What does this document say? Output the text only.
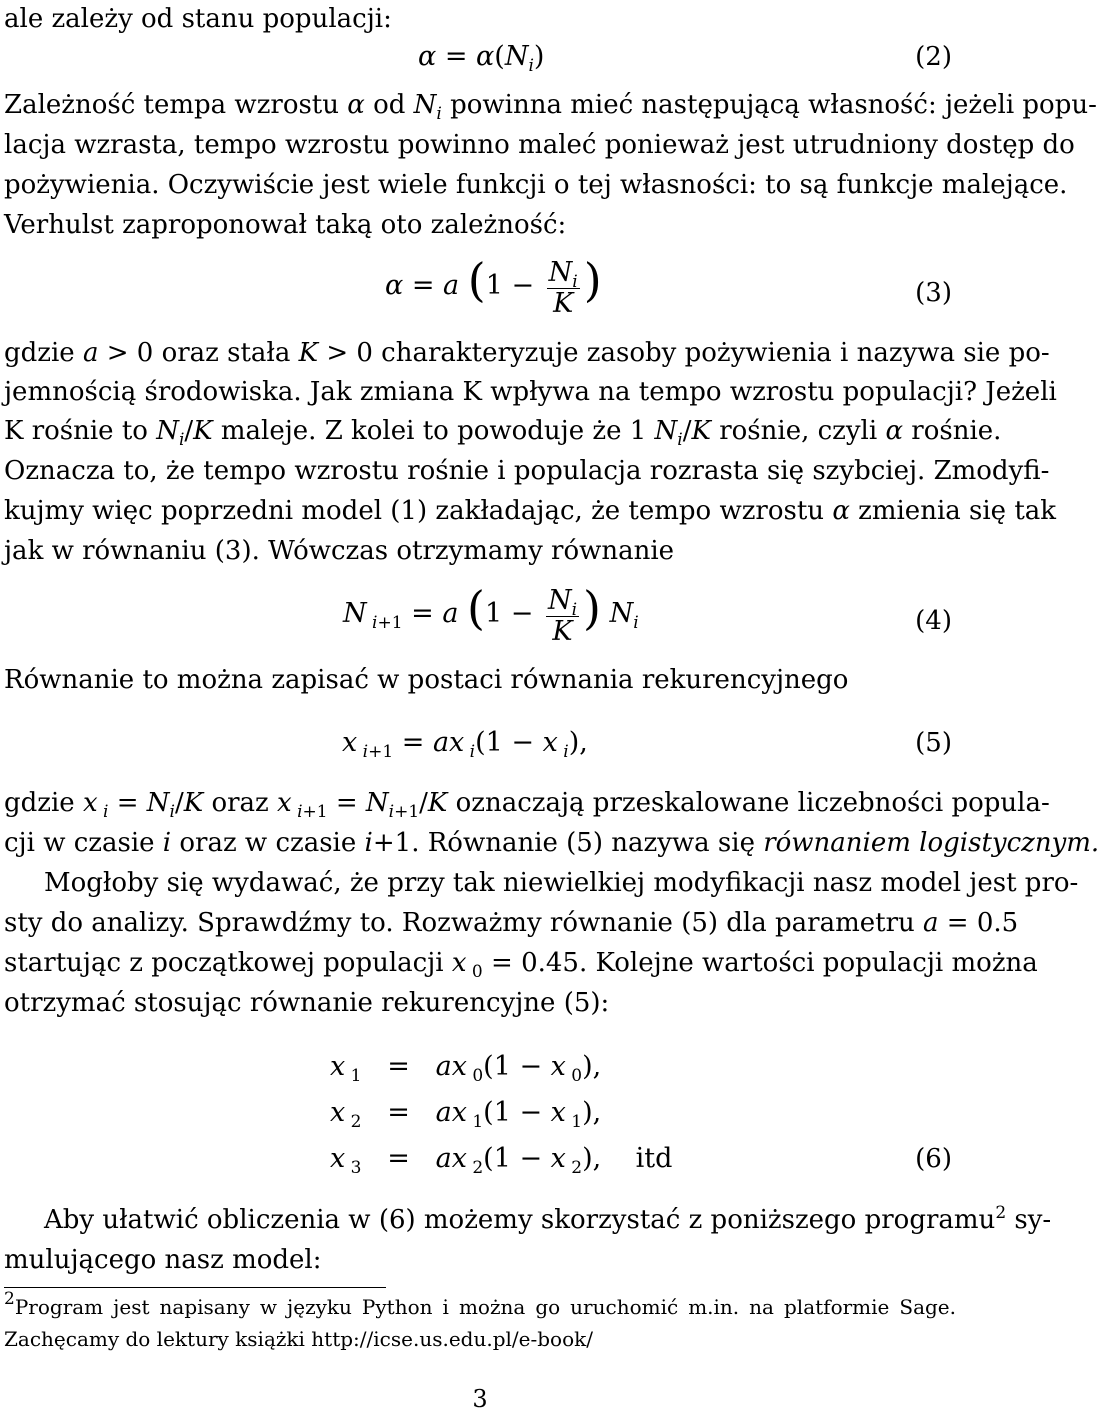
ale zależy od stanu populacji:
$\alpha = \alpha(N_i)$	(2)
Zależność tempa wzrostu α od $N_i$ powinna mieć następującą własność: jeżeli popu-
lacja wzrasta, tempo wzrostu powinno maleć ponieważ jest utrudniony dostęp do
pożywienia. Oczywiście jest wiele funkcji o tej własności: to są funkcje malejące.
Verhulst zaproponował taką oto zależność:
α = a ($1 - \frac{N_i}{K}$ )	(3)
gdzie a > 0 oraz stała K > 0 charakteryzuje zasoby pożywienia i nazywa sie po-
jemnością środowiska. Jak zmiana K wpływa na tempo wzrostu populacji? Jeżeli
K rośnie to $N_i/K$ maleje. Z kolei to powoduje że 1 $N_i/K$ rośnie, czyli α rośnie.
Oznacza to, że tempo wzrostu rośnie i populacja rozrasta się szybciej. Zmodyfi-
kujmy więc poprzedni model (1) zakładając, że tempo wzrostu α zmienia się tak
jak w równaniu (3). Wówczas otrzymamy równanie
N $_{i+1}$ = a ($1 - \frac{N_i}{K}$ ) $N_i$	(4)
Równanie to można zapisać w postaci równania rekurencyjnego
x $_{i+1}$ = ax $_i$(1 − x $_i$),	(5)
gdzie x $_i = N_i/K$ oraz x $_{i+1} = N_{i+1}/K$ oznaczają przeskalowane liczebności popula-
cji w czasie i oraz w czasie i+1. Równanie (5) nazywa się równaniem logistycznym.
Mogłoby się wydawać, że przy tak niewielkiej modyfikacji nasz model jest pro-
sty do analizy. Sprawdźmy to. Rozważmy równanie (5) dla parametru a = 0.5
startując z początkowej populacji x $_0$ = 0.45. Kolejne wartości populacji można
otrzymać stosując równanie rekurencyjne (5):
x $_1$   =   ax $_0$(1 − x $_0$),
x $_2$   =   ax $_1$(1 − x $_1$),
x $_3$   =   ax $_2$(1 − x $_2$),    itd	(6)
Aby ułatwić obliczenia w (6) możemy skorzystać z poniższego programu$^2$ sy-
mulującego nasz model:
$^2$Program jest napisany w języku Python i można go uruchomić m.in. na platformie Sage.
Zachęcamy do lektury książki http://icse.us.edu.pl/e-book/
3
